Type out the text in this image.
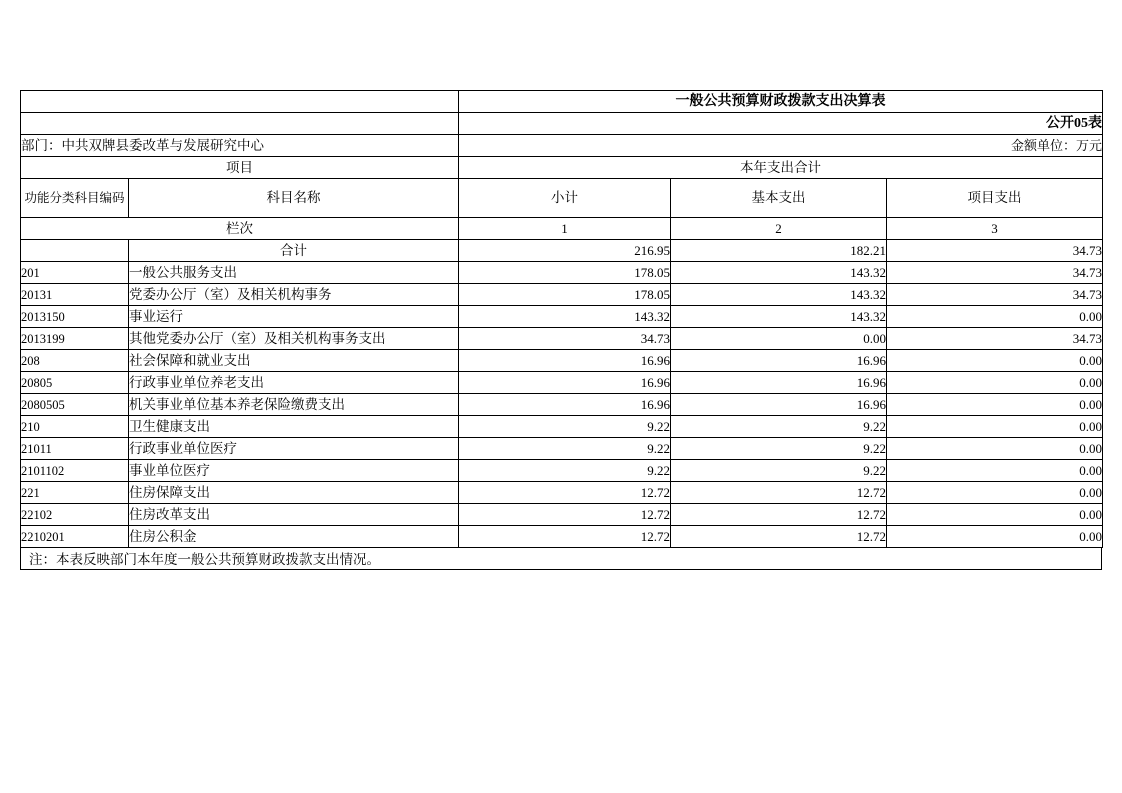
		一般公共预算财政拨款支出决算表		
		公开05表		
部门：中共双牌县委改革与发展研究中心		金额单位：万元		
项目		本年支出合计		
功能分类科目编码	科目名称	小计	基本支出	项目支出
栏次		1	2	3
	合计	216.95	182.21	34.73
201	一般公共服务支出	178.05	143.32	34.73
20131	党委办公厅（室）及相关机构事务	178.05	143.32	34.73
2013150	事业运行	143.32	143.32	0.00
2013199	其他党委办公厅（室）及相关机构事务支出	34.73	0.00	34.73
208	社会保障和就业支出	16.96	16.96	0.00
20805	行政事业单位养老支出	16.96	16.96	0.00
2080505	机关事业单位基本养老保险缴费支出	16.96	16.96	0.00
210	卫生健康支出	9.22	9.22	0.00
21011	行政事业单位医疗	9.22	9.22	0.00
2101102	事业单位医疗	9.22	9.22	0.00
221	住房保障支出	12.72	12.72	0.00
22102	住房改革支出	12.72	12.72	0.00
2210201	住房公积金	12.72	12.72	0.00
注：本表反映部门本年度一般公共预算财政拨款支出情况。
